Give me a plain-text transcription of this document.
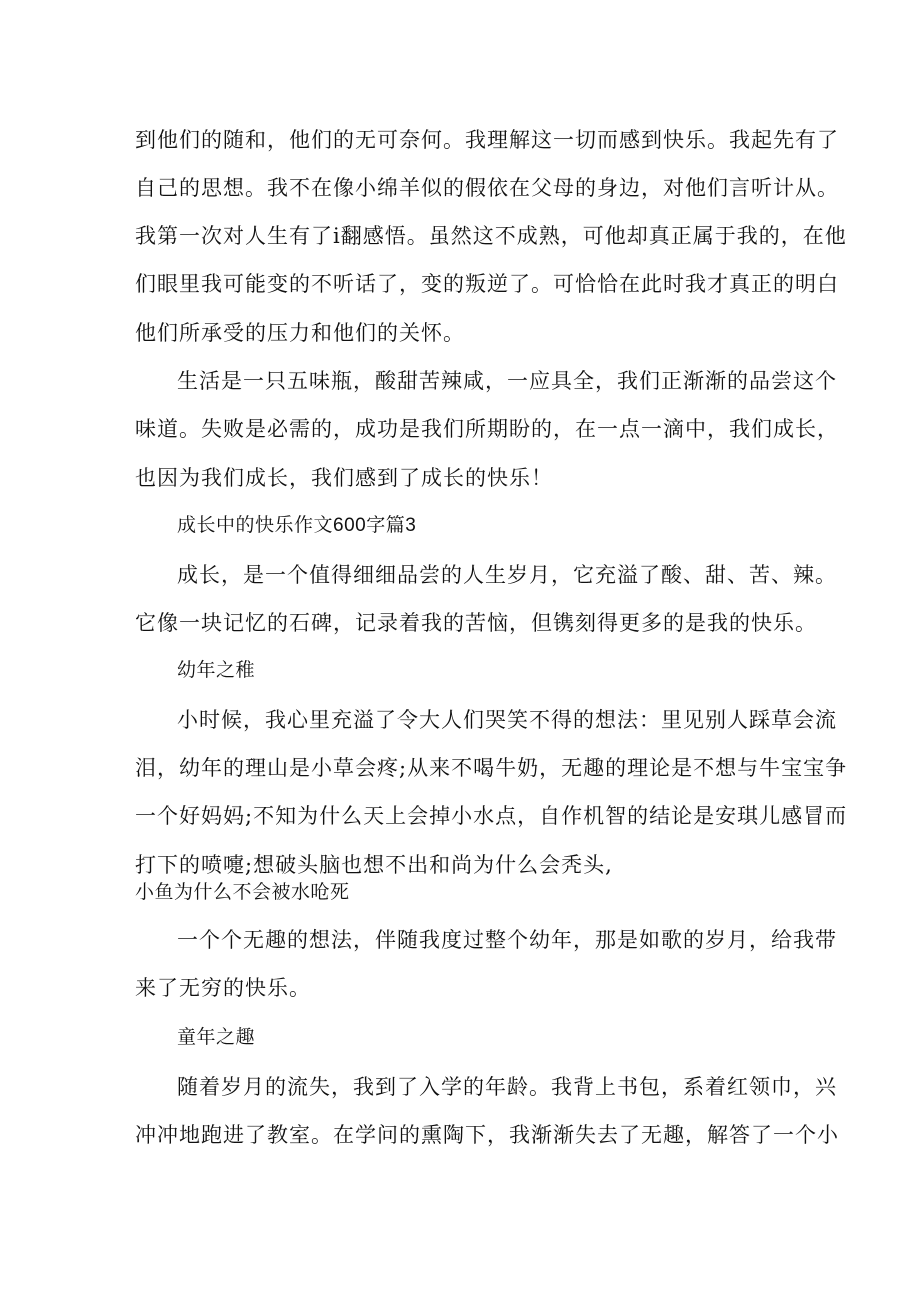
到他们的随和，他们的无可奈何。我理解这一切而感到快乐。我起先有了
自己的思想。我不在像小绵羊似的假依在父母的身边，对他们言听计从。
我第一次对人生有了i翻感悟。虽然这不成熟，可他却真正属于我的，在他
们眼里我可能变的不听话了，变的叛逆了。可恰恰在此时我才真正的明白
他们所承受的压力和他们的关怀。
生活是一只五味瓶，酸甜苦辣咸，一应具全，我们正渐渐的品尝这个
味道。失败是必需的，成功是我们所期盼的，在一点一滴中，我们成长，
也因为我们成长，我们感到了成长的快乐！
成长中的快乐作文600字篇3
成长，是一个值得细细品尝的人生岁月，它充溢了酸、甜、苦、辣。
它像一块记忆的石碑，记录着我的苦恼，但镌刻得更多的是我的快乐。
幼年之稚
小时候，我心里充溢了令大人们哭笑不得的想法：里见别人踩草会流
泪，幼年的理山是小草会疼;从来不喝牛奶，无趣的理论是不想与牛宝宝争
一个好妈妈;不知为什么天上会掉小水点，自作机智的结论是安琪儿感冒而
打下的喷嚏;想破头脑也想不出和尚为什么会秃头,
小鱼为什么不会被水呛死
一个个无趣的想法，伴随我度过整个幼年，那是如歌的岁月，给我带
来了无穷的快乐。
童年之趣
随着岁月的流失，我到了入学的年龄。我背上书包，系着红领巾，兴
冲冲地跑进了教室。在学问的熏陶下，我渐渐失去了无趣，解答了一个小
